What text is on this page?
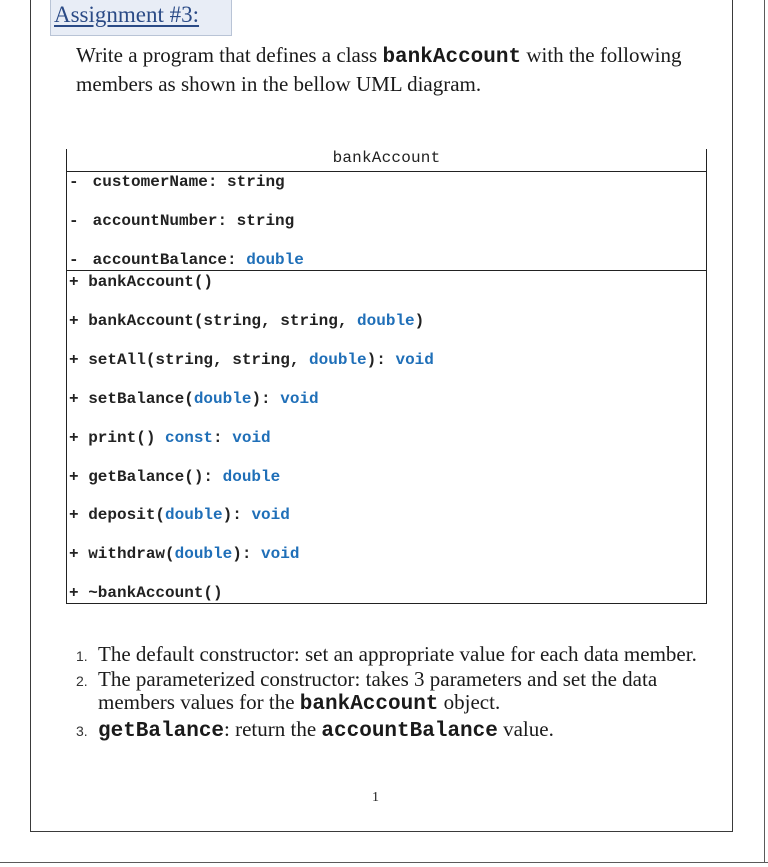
Assignment #3:

Write a program that defines a class bankAccount with the following members as shown in the bellow UML diagram.

bankAccount
- customerName: string
- accountNumber: string
- accountBalance: double
+ bankAccount()
+ bankAccount(string, string, double)
+ setAll(string, string, double): void
+ setBalance(double): void
+ print() const: void
+ getBalance(): double
+ deposit(double): void
+ withdraw(double): void
+ ~bankAccount()
1. The default constructor: set an appropriate value for each data member.
2. The parameterized constructor: takes 3 parameters and set the data members values for the bankAccount object.
3. getBalance: return the accountBalance value.
1
